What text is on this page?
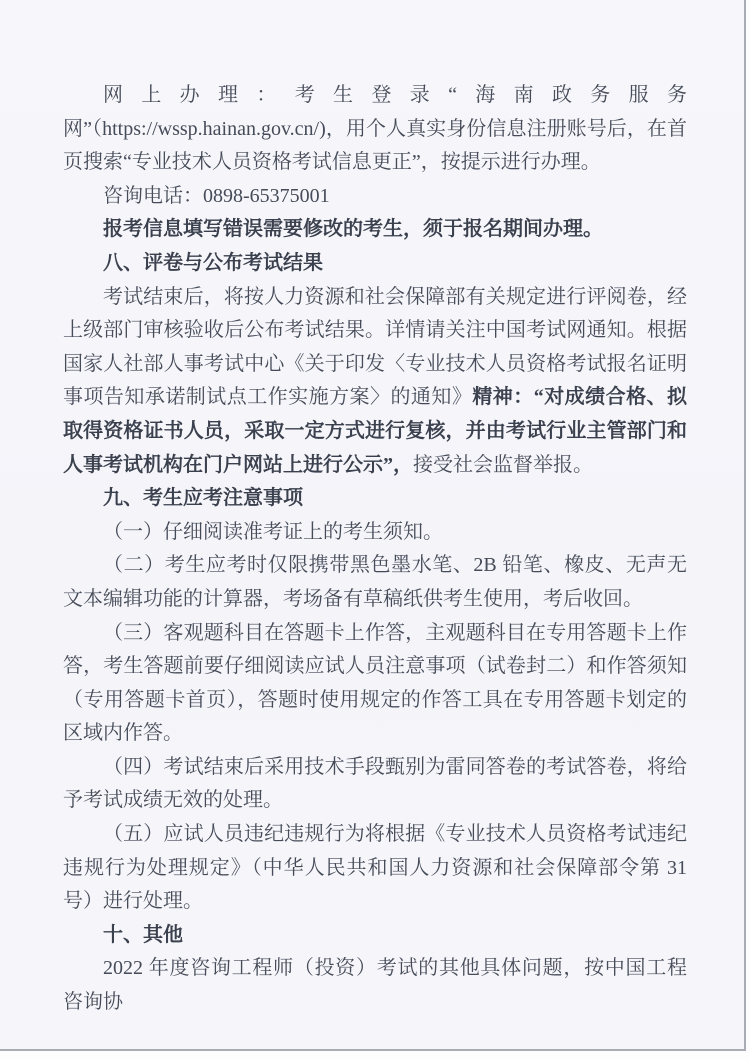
网上办理：考生登录“海南政务服务网”（https://wssp.hainan.gov.cn/)，用个人真实身份信息注册账号后，在首页搜索“专业技术人员资格考试信息更正”，按提示进行办理。

咨询电话：0898-65375001

报考信息填写错误需要修改的考生，须于报名期间办理。

八、评卷与公布考试结果

考试结束后，将按人力资源和社会保障部有关规定进行评阅卷，经上级部门审核验收后公布考试结果。详情请关注中国考试网通知。根据国家人社部人事考试中心《关于印发〈专业技术人员资格考试报名证明事项告知承诺制试点工作实施方案〉的通知》精神：“对成绩合格、拟取得资格证书人员，采取一定方式进行复核，并由考试行业主管部门和人事考试机构在门户网站上进行公示”，接受社会监督举报。

九、考生应考注意事项

（一）仔细阅读准考证上的考生须知。

（二）考生应考时仅限携带黑色墨水笔、2B 铅笔、橡皮、无声无文本编辑功能的计算器，考场备有草稿纸供考生使用，考后收回。

（三）客观题科目在答题卡上作答，主观题科目在专用答题卡上作答，考生答题前要仔细阅读应试人员注意事项（试卷封二）和作答须知（专用答题卡首页），答题时使用规定的作答工具在专用答题卡划定的区域内作答。

（四）考试结束后采用技术手段甄别为雷同答卷的考试答卷，将给予考试成绩无效的处理。

（五）应试人员违纪违规行为将根据《专业技术人员资格考试违纪违规行为处理规定》（中华人民共和国人力资源和社会保障部令第 31 号）进行处理。

十、其他

2022 年度咨询工程师（投资）考试的其他具体问题，按中国工程咨询协
